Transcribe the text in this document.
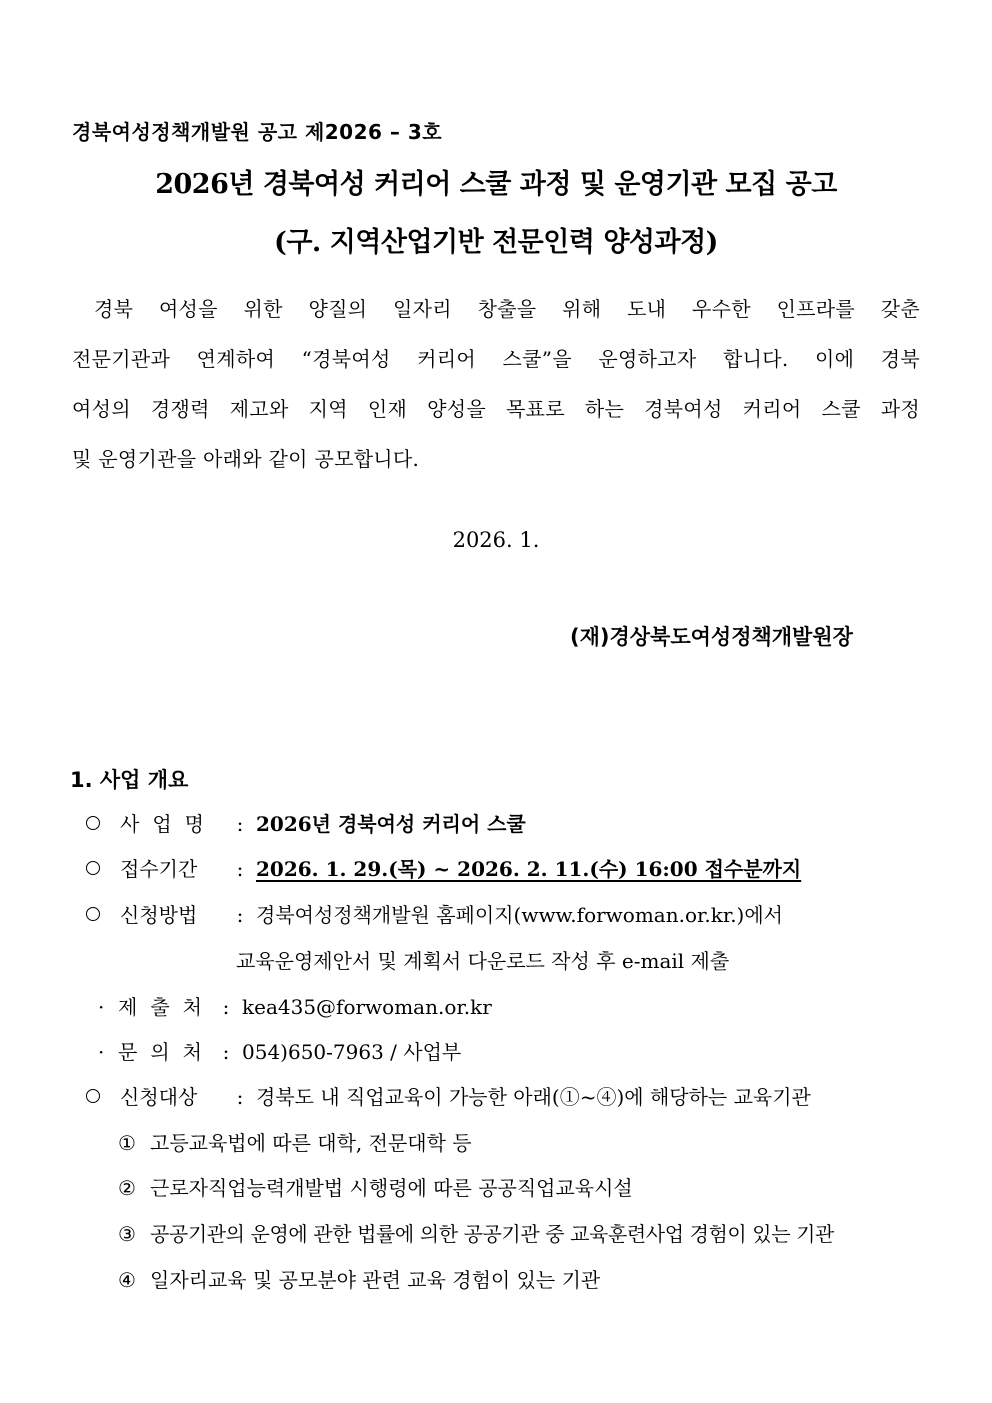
경북여성정책개발원 공고 제2026 – 3호
2026년 경북여성 커리어 스쿨 과정 및 운영기관 모집 공고
(구. 지역산업기반 전문인력 양성과정)
경북 여성을 위한 양질의 일자리 창출을 위해 도내 우수한 인프라를 갖춘
전문기관과 연계하여 “경북여성 커리어 스쿨”을 운영하고자 합니다. 이에 경북
여성의 경쟁력 제고와 지역 인재 양성을 목표로 하는 경북여성 커리어 스쿨 과정
및 운영기관을 아래와 같이 공모합니다.
2026. 1.
(재)경상북도여성정책개발원장
1. 사업 개요
사업명 : 2026년 경북여성 커리어 스쿨
접수기간	: 2026. 1. 29.(목) ~ 2026. 2. 11.(수) 16:00 접수분까지
신청방법	: 경북여성정책개발원 홈페이지(www.forwoman.or.kr.)에서
교육운영제안서 및 계획서 다운로드 작성 후 e-mail 제출
· 제출처 : kea435@forwoman.or.kr
· 문의처 : 054)650-7963 / 사업부
신청대상	: 경북도 내 직업교육이 가능한 아래(①~④)에 해당하는 교육기관
① 고등교육법에 따른 대학, 전문대학 등
② 근로자직업능력개발법 시행령에 따른 공공직업교육시설
③ 공공기관의 운영에 관한 법률에 의한 공공기관 중 교육훈련사업 경험이 있는 기관
④ 일자리교육 및 공모분야 관련 교육 경험이 있는 기관
